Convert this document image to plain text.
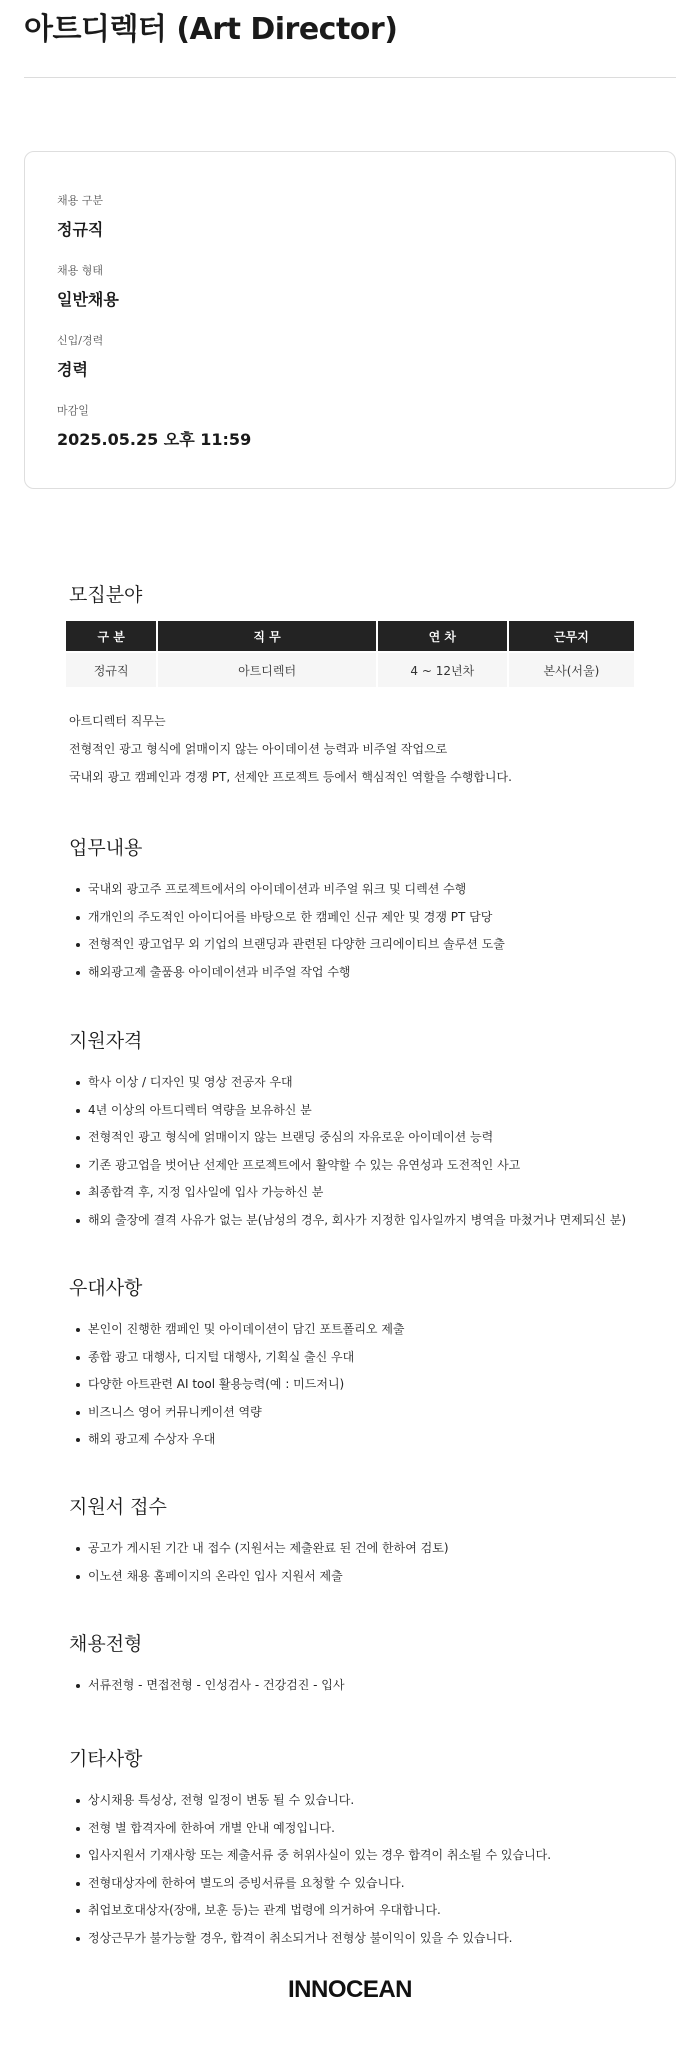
아트디렉터 (Art Director)
채용 구분
정규직
채용 형태
일반채용
신입/경력
경력
마감일
2025.05.25 오후 11:59
모집분야
구 분	직 무	연 차	근무지
정규직	아트디렉터	4 ~ 12년차	본사(서울)
아트디렉터 직무는
전형적인 광고 형식에 얽매이지 않는 아이데이션 능력과 비주얼 작업으로
국내외 광고 캠페인과 경쟁 PT, 선제안 프로젝트 등에서 핵심적인 역할을 수행합니다.
업무내용
국내외 광고주 프로젝트에서의 아이데이션과 비주얼 워크 및 디렉션 수행
개개인의 주도적인 아이디어를 바탕으로 한 캠페인 신규 제안 및 경쟁 PT 담당
전형적인 광고업무 외 기업의 브랜딩과 관련된 다양한 크리에이티브 솔루션 도출
해외광고제 출품용 아이데이션과 비주얼 작업 수행
지원자격
학사 이상 / 디자인 및 영상 전공자 우대
4년 이상의 아트디렉터 역량을 보유하신 분
전형적인 광고 형식에 얽매이지 않는 브랜딩 중심의 자유로운 아이데이션 능력
기존 광고업을 벗어난 선제안 프로젝트에서 활약할 수 있는 유연성과 도전적인 사고
최종합격 후, 지정 입사일에 입사 가능하신 분
해외 출장에 결격 사유가 없는 분(남성의 경우, 회사가 지정한 입사일까지 병역을 마쳤거나 면제되신 분)
우대사항
본인이 진행한 캠페인 및 아이데이션이 담긴 포트폴리오 제출
종합 광고 대행사, 디지털 대행사, 기획실 출신 우대
다양한 아트관련 AI tool 활용능력(예 : 미드저니)
비즈니스 영어 커뮤니케이션 역량
해외 광고제 수상자 우대
지원서 접수
공고가 게시된 기간 내 접수 (지원서는 제출완료 된 건에 한하여 검토)
이노션 채용 홈페이지의 온라인 입사 지원서 제출
채용전형
서류전형 - 면접전형 - 인성검사 - 건강검진 - 입사
기타사항
상시채용 특성상, 전형 일정이 변동 될 수 있습니다.
전형 별 합격자에 한하여 개별 안내 예정입니다.
입사지원서 기재사항 또는 제출서류 중 허위사실이 있는 경우 합격이 취소될 수 있습니다.
전형대상자에 한하여 별도의 증빙서류를 요청할 수 있습니다.
취업보호대상자(장애, 보훈 등)는 관계 법령에 의거하여 우대합니다.
정상근무가 불가능할 경우, 합격이 취소되거나 전형상 불이익이 있을 수 있습니다.
INNOCEAN
